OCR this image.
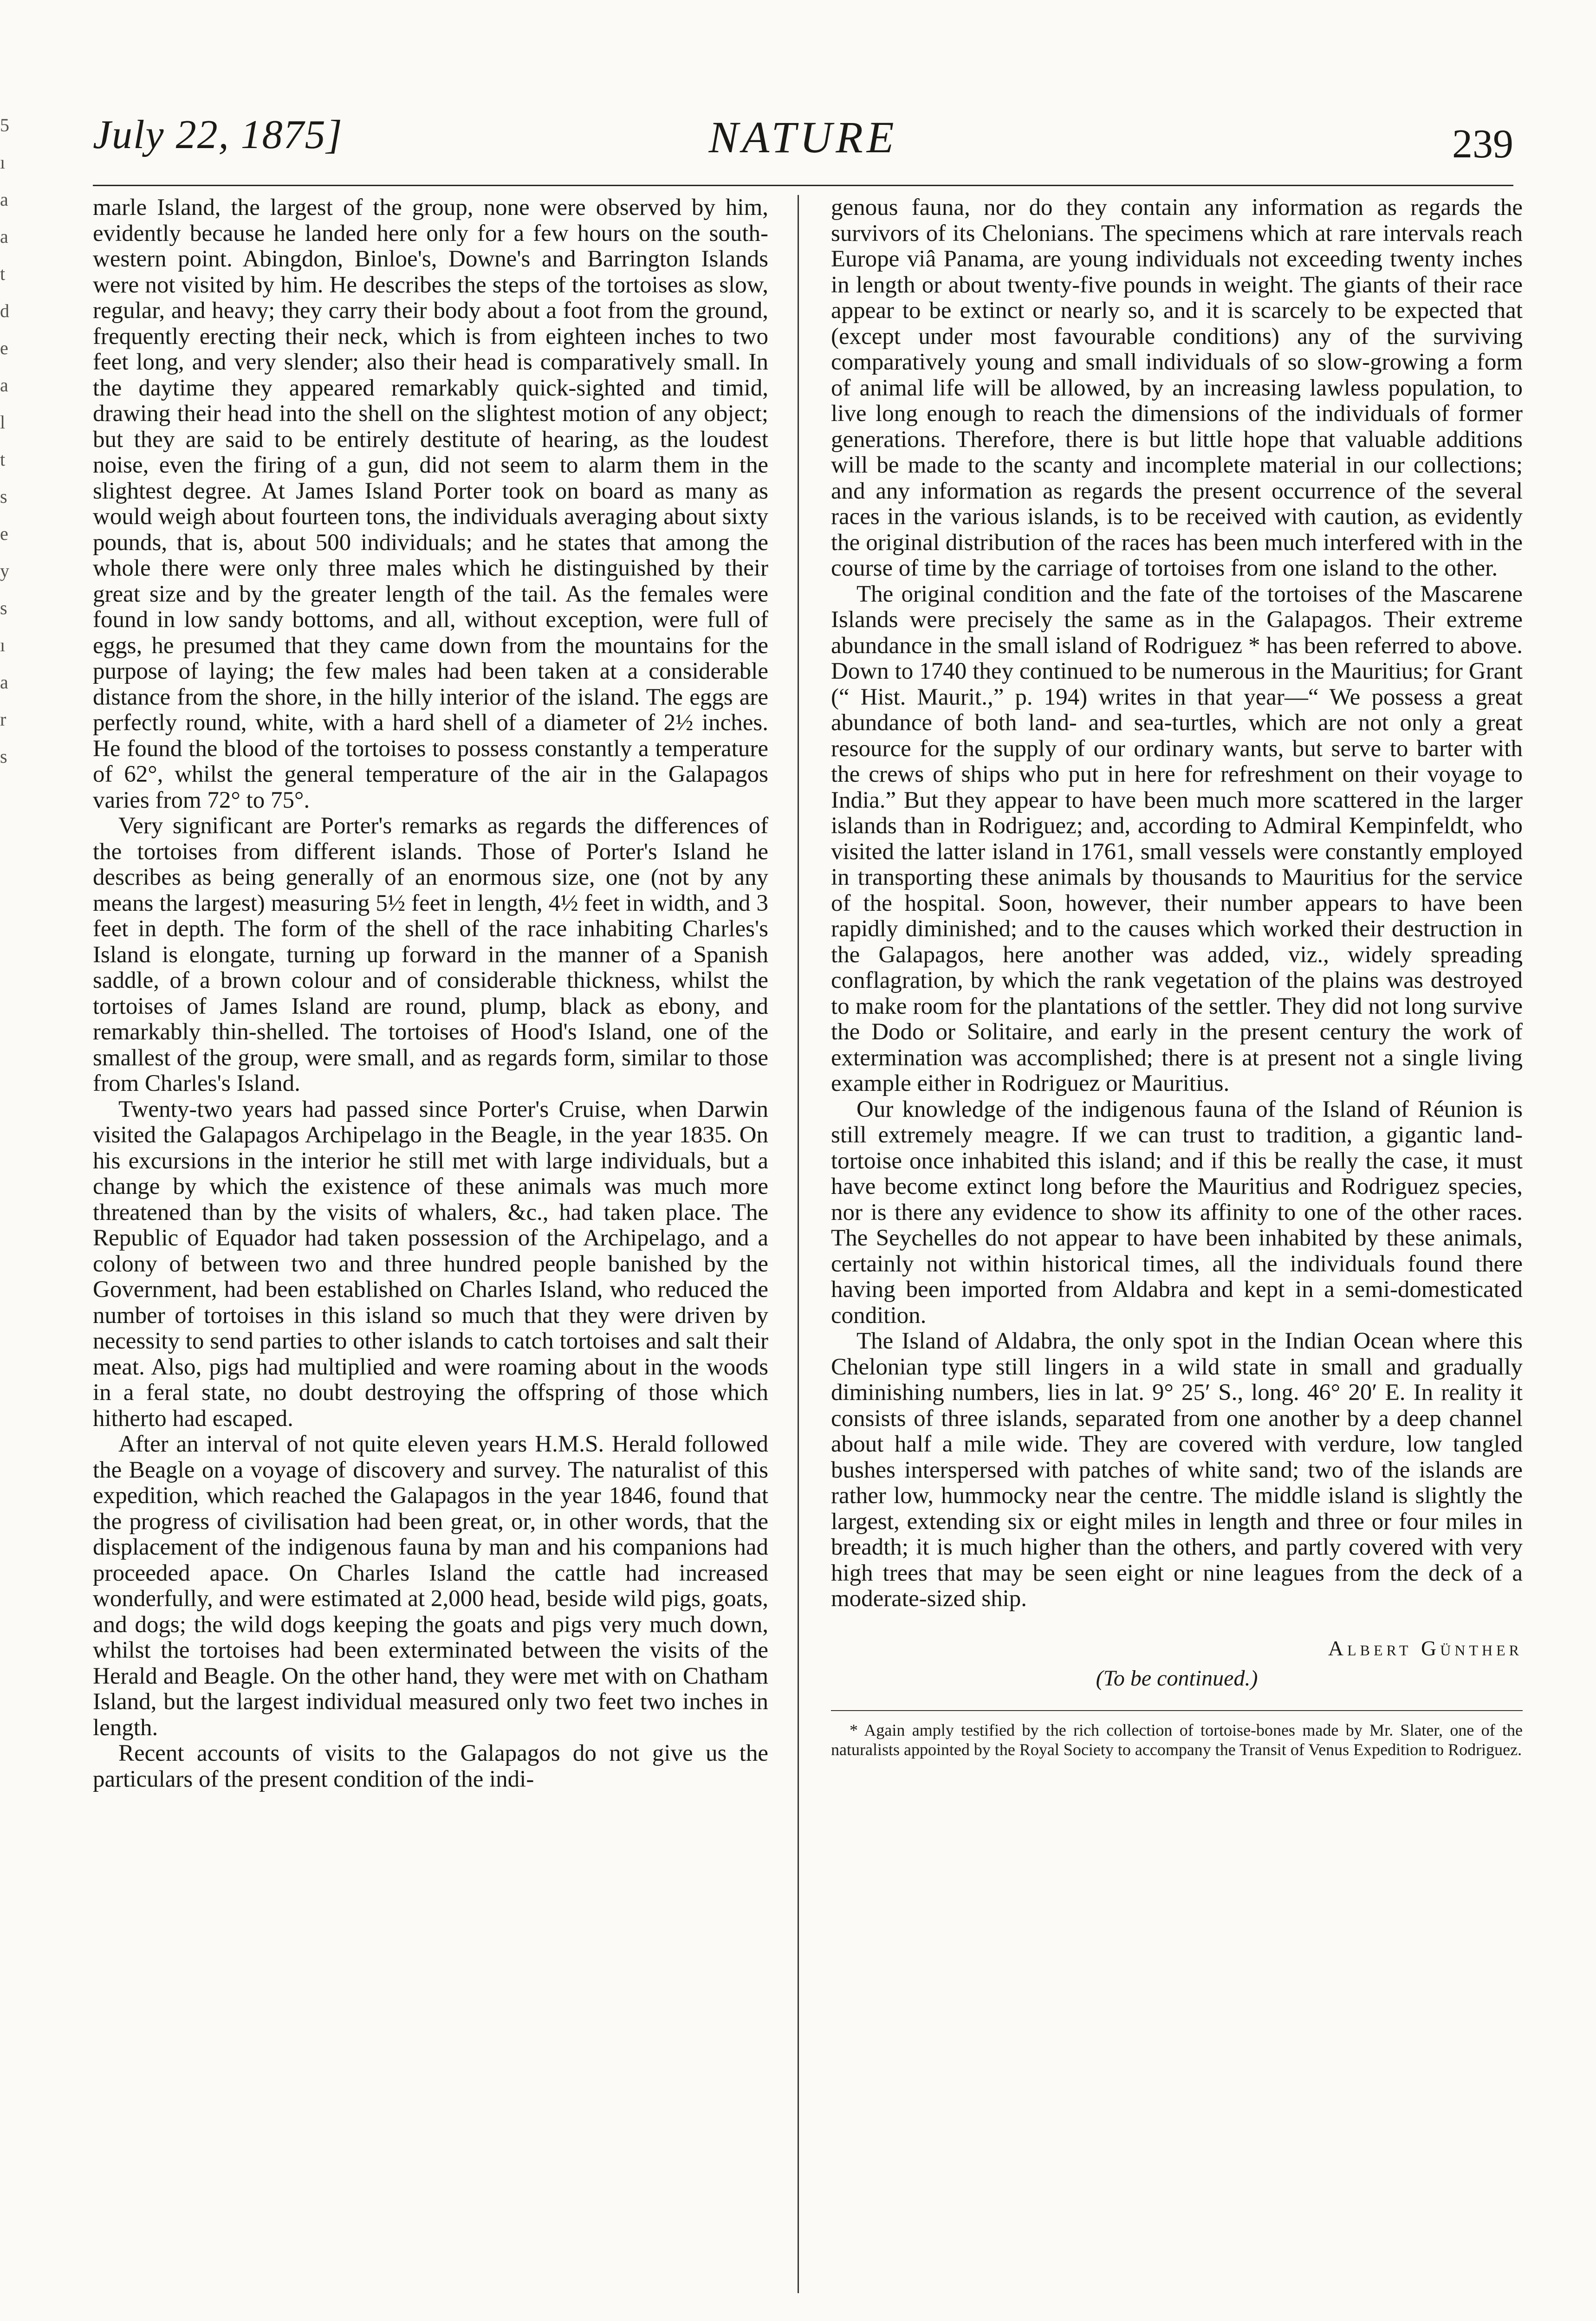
5
ı
a
a
t
d
e
a
l
t
s
e
y
s
ı
a
r
s
July 22, 1875]	NATURE	239

marle Island, the largest of the group, none were observed by him, evidently because he landed here only for a few hours on the south-western point. Abingdon, Binloe's, Downe's and Barrington Islands were not visited by him. He describes the steps of the tortoises as slow, regular, and heavy; they carry their body about a foot from the ground, frequently erecting their neck, which is from eighteen inches to two feet long, and very slender; also their head is comparatively small. In the daytime they appeared remarkably quick-sighted and timid, drawing their head into the shell on the slightest motion of any object; but they are said to be entirely destitute of hearing, as the loudest noise, even the firing of a gun, did not seem to alarm them in the slightest degree. At James Island Porter took on board as many as would weigh about fourteen tons, the individuals averaging about sixty pounds, that is, about 500 individuals; and he states that among the whole there were only three males which he distinguished by their great size and by the greater length of the tail. As the females were found in low sandy bottoms, and all, without exception, were full of eggs, he presumed that they came down from the mountains for the purpose of laying; the few males had been taken at a considerable distance from the shore, in the hilly interior of the island. The eggs are perfectly round, white, with a hard shell of a diameter of 2½ inches. He found the blood of the tortoises to possess constantly a temperature of 62°, whilst the general temperature of the air in the Galapagos varies from 72° to 75°.

Very significant are Porter's remarks as regards the differences of the tortoises from different islands. Those of Porter's Island he describes as being generally of an enormous size, one (not by any means the largest) measuring 5½ feet in length, 4½ feet in width, and 3 feet in depth. The form of the shell of the race inhabiting Charles's Island is elongate, turning up forward in the manner of a Spanish saddle, of a brown colour and of considerable thickness, whilst the tortoises of James Island are round, plump, black as ebony, and remarkably thin-shelled. The tortoises of Hood's Island, one of the smallest of the group, were small, and as regards form, similar to those from Charles's Island.

Twenty-two years had passed since Porter's Cruise, when Darwin visited the Galapagos Archipelago in the Beagle, in the year 1835. On his excursions in the interior he still met with large individuals, but a change by which the existence of these animals was much more threatened than by the visits of whalers, &c., had taken place. The Republic of Equador had taken possession of the Archipelago, and a colony of between two and three hundred people banished by the Government, had been established on Charles Island, who reduced the number of tortoises in this island so much that they were driven by necessity to send parties to other islands to catch tortoises and salt their meat. Also, pigs had multiplied and were roaming about in the woods in a feral state, no doubt destroying the offspring of those which hitherto had escaped.

After an interval of not quite eleven years H.M.S. Herald followed the Beagle on a voyage of discovery and survey. The naturalist of this expedition, which reached the Galapagos in the year 1846, found that the progress of civilisation had been great, or, in other words, that the displacement of the indigenous fauna by man and his companions had proceeded apace. On Charles Island the cattle had increased wonderfully, and were estimated at 2,000 head, beside wild pigs, goats, and dogs; the wild dogs keeping the goats and pigs very much down, whilst the tortoises had been exterminated between the visits of the Herald and Beagle. On the other hand, they were met with on Chatham Island, but the largest individual measured only two feet two inches in length.

Recent accounts of visits to the Galapagos do not give us the particulars of the present condition of the indi-

genous fauna, nor do they contain any information as regards the survivors of its Chelonians. The specimens which at rare intervals reach Europe viâ Panama, are young individuals not exceeding twenty inches in length or about twenty-five pounds in weight. The giants of their race appear to be extinct or nearly so, and it is scarcely to be expected that (except under most favourable conditions) any of the surviving comparatively young and small individuals of so slow-growing a form of animal life will be allowed, by an increasing lawless population, to live long enough to reach the dimensions of the individuals of former generations. Therefore, there is but little hope that valuable additions will be made to the scanty and incomplete material in our collections; and any information as regards the present occurrence of the several races in the various islands, is to be received with caution, as evidently the original distribution of the races has been much interfered with in the course of time by the carriage of tortoises from one island to the other.

The original condition and the fate of the tortoises of the Mascarene Islands were precisely the same as in the Galapagos. Their extreme abundance in the small island of Rodriguez * has been referred to above. Down to 1740 they continued to be numerous in the Mauritius; for Grant (“ Hist. Maurit.,” p. 194) writes in that year—“ We possess a great abundance of both land- and sea-turtles, which are not only a great resource for the supply of our ordinary wants, but serve to barter with the crews of ships who put in here for refreshment on their voyage to India.” But they appear to have been much more scattered in the larger islands than in Rodriguez; and, according to Admiral Kempinfeldt, who visited the latter island in 1761, small vessels were constantly employed in transporting these animals by thousands to Mauritius for the service of the hospital. Soon, however, their number appears to have been rapidly diminished; and to the causes which worked their destruction in the Galapagos, here another was added, viz., widely spreading conflagration, by which the rank vegetation of the plains was destroyed to make room for the plantations of the settler. They did not long survive the Dodo or Solitaire, and early in the present century the work of extermination was accomplished; there is at present not a single living example either in Rodriguez or Mauritius.

Our knowledge of the indigenous fauna of the Island of Réunion is still extremely meagre. If we can trust to tradition, a gigantic land-tortoise once inhabited this island; and if this be really the case, it must have become extinct long before the Mauritius and Rodriguez species, nor is there any evidence to show its affinity to one of the other races. The Seychelles do not appear to have been inhabited by these animals, certainly not within historical times, all the individuals found there having been imported from Aldabra and kept in a semi-domesticated condition.

The Island of Aldabra, the only spot in the Indian Ocean where this Chelonian type still lingers in a wild state in small and gradually diminishing numbers, lies in lat. 9° 25′ S., long. 46° 20′ E. In reality it consists of three islands, separated from one another by a deep channel about half a mile wide. They are covered with verdure, low tangled bushes interspersed with patches of white sand; two of the islands are rather low, hummocky near the centre. The middle island is slightly the largest, extending six or eight miles in length and three or four miles in breadth; it is much higher than the others, and partly covered with very high trees that may be seen eight or nine leagues from the deck of a moderate-sized ship.

Albert Günther
(To be continued.)
* Again amply testified by the rich collection of tortoise-bones made by Mr. Slater, one of the naturalists appointed by the Royal Society to accompany the Transit of Venus Expedition to Rodriguez.
